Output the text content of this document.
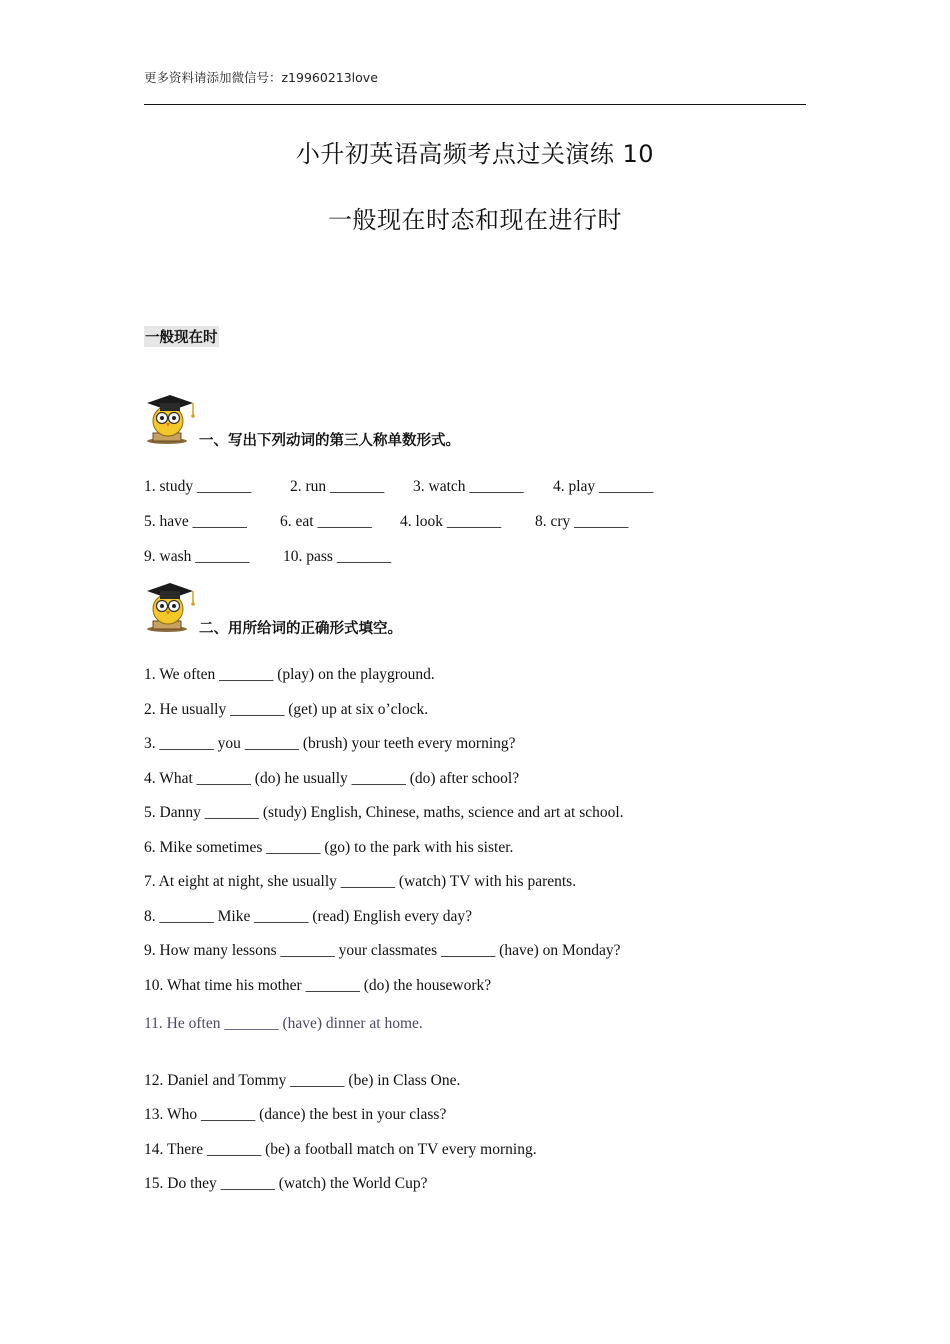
更多资料请添加微信号：z19960213love
小升初英语高频考点过关演练 10
一般现在时态和现在进行时
一般现在时
一、写出下列动词的第三人称单数形式。
1. study _______	2. run _______ 3. watch _______ 4. play _______
5. have _______ 6. eat _______ 4. look _______ 8. cry _______
9. wash _______ 10. pass _______
二、用所给词的正确形式填空。
1. We often _______ (play) on the playground.
2. He usually _______ (get) up at six o’clock.
3. _______ you _______ (brush) your teeth every morning?
4. What _______ (do) he usually _______ (do) after school?
5. Danny _______ (study) English, Chinese, maths, science and art at school.
6. Mike sometimes _______ (go) to the park with his sister.
7. At eight at night, she usually _______ (watch) TV with his parents.
8. _______ Mike _______ (read) English every day?
9. How many lessons _______ your classmates _______ (have) on Monday?
10. What time his mother _______ (do) the housework?
11. He often _______ (have) dinner at home.
12. Daniel and Tommy _______ (be) in Class One.
13. Who _______ (dance) the best in your class?
14. There _______ (be) a football match on TV every morning.
15. Do they _______ (watch) the World Cup?
